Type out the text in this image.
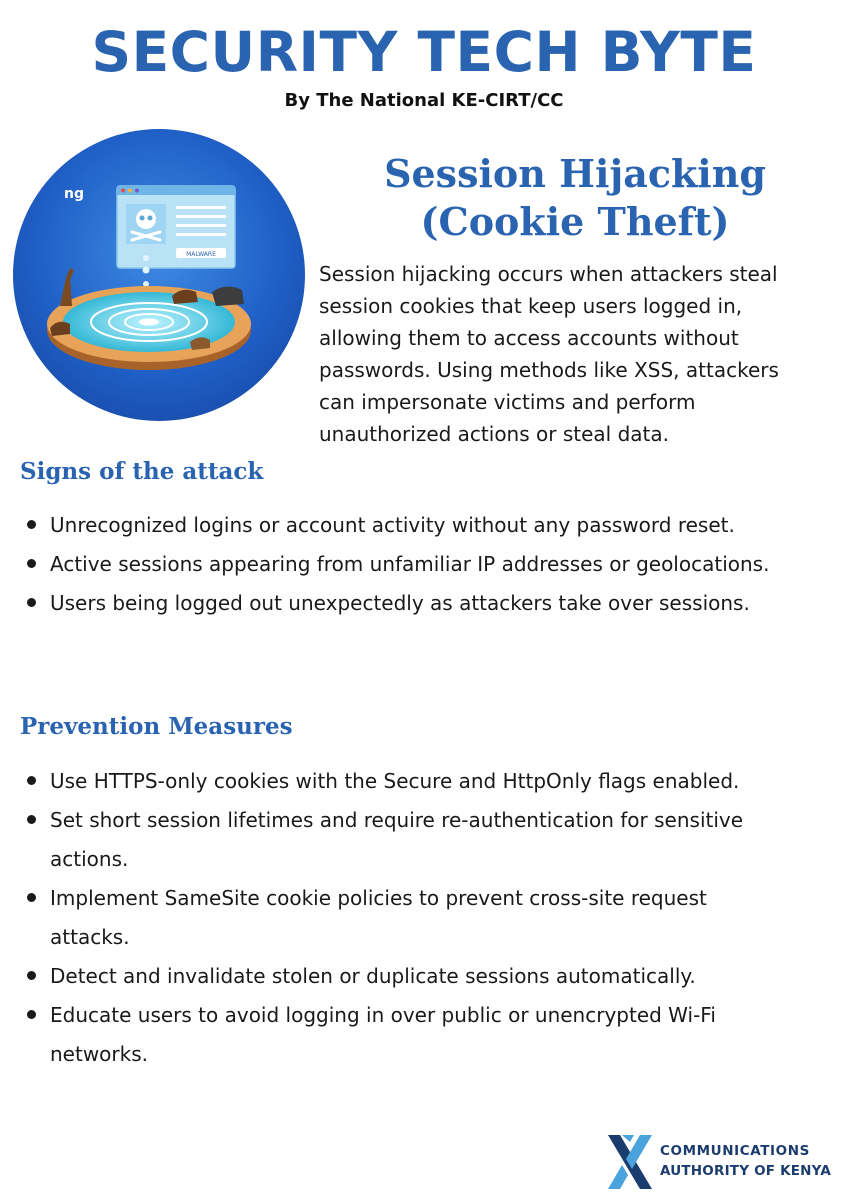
SECURITY TECH BYTE

By The National KE-CIRT/CC

ng
MALWARE
Session Hijacking
(Cookie Theft)

Session hijacking occurs when attackers steal session cookies that keep users logged in, allowing them to access accounts without passwords. Using methods like XSS, attackers can impersonate victims and perform unauthorized actions or steal data.

Signs of the attack
Unrecognized logins or account activity without any password reset.
Active sessions appearing from unfamiliar IP addresses or geolocations.
Users being logged out unexpectedly as attackers take over sessions.
Prevention Measures
Use HTTPS-only cookies with the Secure and HttpOnly flags enabled.
Set short session lifetimes and require re-authentication for sensitive actions.
Implement SameSite cookie policies to prevent cross-site request attacks.
Detect and invalidate stolen or duplicate sessions automatically.
Educate users to avoid logging in over public or unencrypted Wi-Fi networks.
COMMUNICATIONS
AUTHORITY OF KENYA
